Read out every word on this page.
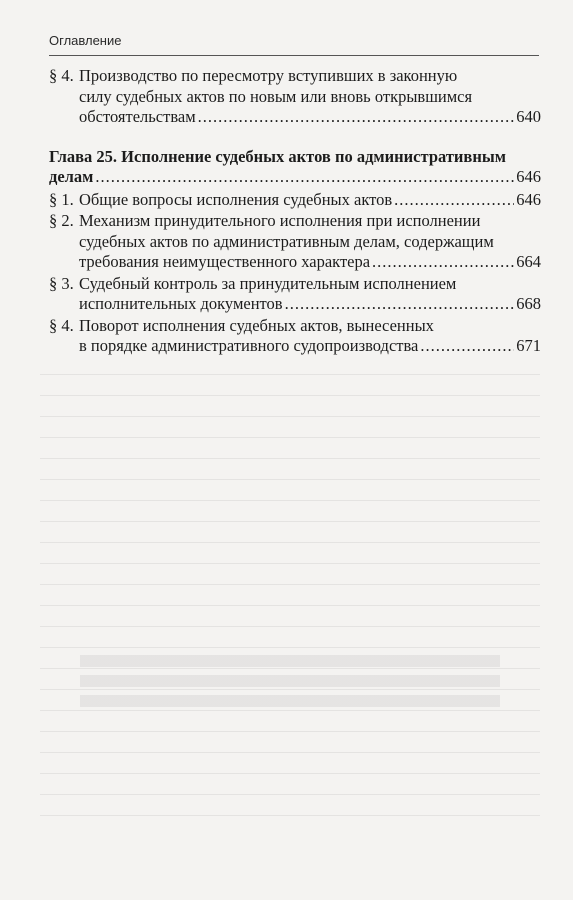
Оглавление
§ 4. Производство по пересмотру вступивших в законную
силу судебных актов по новым или вновь открывшимся
обстоятельствам .....	640
Глава 25. Исполнение судебных актов по административным
делам .....	646
§ 1. Общие вопросы исполнения судебных актов .....	646
§ 2. Механизм принудительного исполнения при исполнении
судебных актов по административным делам, содержащим
требования неимущественного характера .....	664
§ 3. Судебный контроль за принудительным исполнением
исполнительных документов .....	668
§ 4. Поворот исполнения судебных актов, вынесенных
в порядке административного судопроизводства .....	671
